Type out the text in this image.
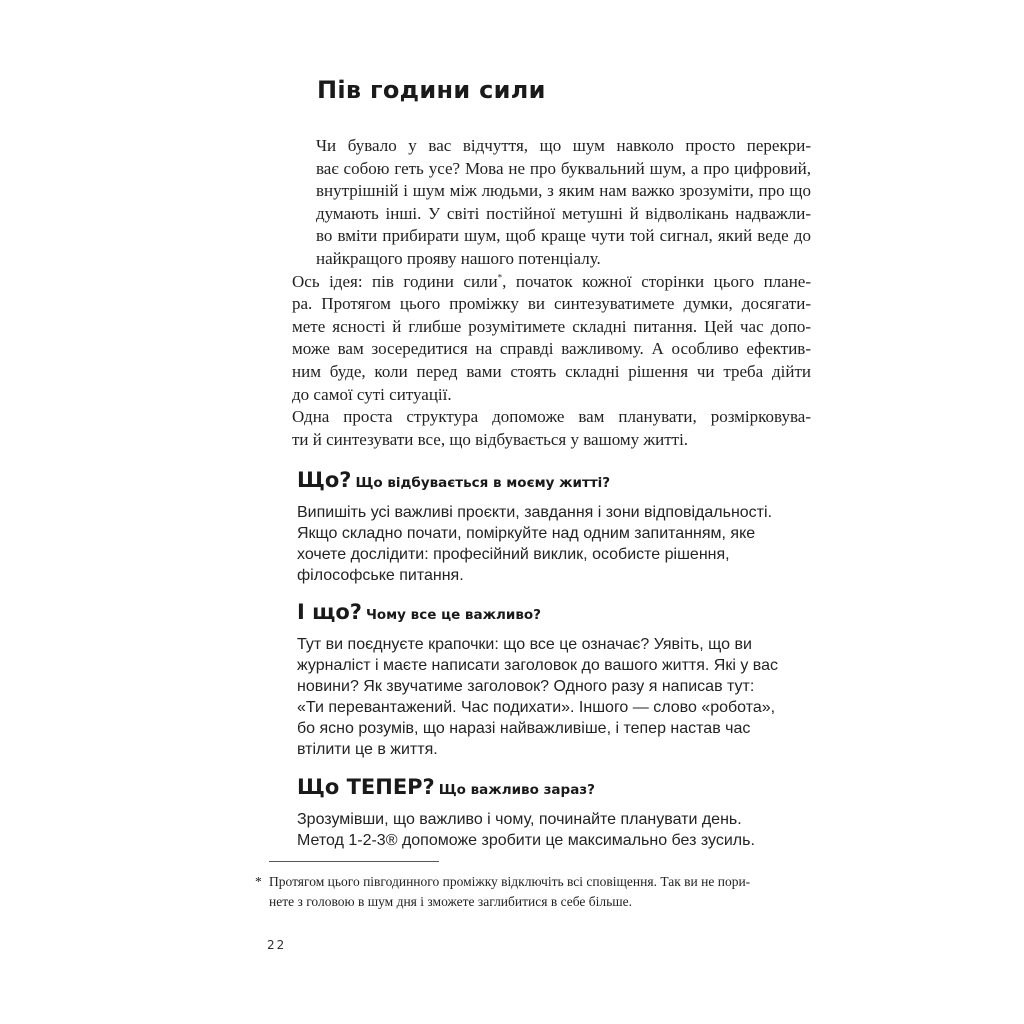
Пів години сили

Чи бувало у вас відчуття, що шум навколо просто перекри-
ває собою геть усе? Мова не про буквальний шум, а про цифровий,
внутрішній і шум між людьми, з яким нам важко зрозуміти, про що
думають інші. У світі постійної метушні й відволікань надважли-
во вміти прибирати шум, щоб краще чути той сигнал, який веде до
найкращого прояву нашого потенціалу.

Ось ідея: пів години сили*, початок кожної сторінки цього плане-
ра. Протягом цього проміжку ви синтезуватимете думки, досягати-
мете ясності й глибше розумітимете складні питання. Цей час допо-
може вам зосередитися на справді важливому. А особливо ефектив-
ним буде, коли перед вами стоять складні рішення чи треба дійти
до самої суті ситуації.

Одна проста структура допоможе вам планувати, розмірковува-
ти й синтезувати все, що відбувається у вашому житті.

Що? Що відбувається в моєму житті?
Випишіть усі важливі проєкти, завдання і зони відповідальності.
Якщо складно почати, поміркуйте над одним запитанням, яке
хочете дослідити: професійний виклик, особисте рішення,
філософське питання.
І що? Чому все це важливо?
Тут ви поєднуєте крапочки: що все це означає? Уявіть, що ви
журналіст і маєте написати заголовок до вашого життя. Які у вас
новини? Як звучатиме заголовок? Одного разу я написав тут:
«Ти перевантажений. Час подихати». Іншого — слово «робота»,
бо ясно розумів, що наразі найважливіше, і тепер настав час
втілити це в життя.
Що ТЕПЕР? Що важливо зараз?
Зрозумівши, що важливо і чому, починайте планувати день.
Метод 1-2-3® допоможе зробити це максимально без зусиль.
* Протягом цього півгодинного проміжку відключіть всі сповіщення. Так ви не пори-
нете з головою в шум дня і зможете заглибитися в себе більше.
22
